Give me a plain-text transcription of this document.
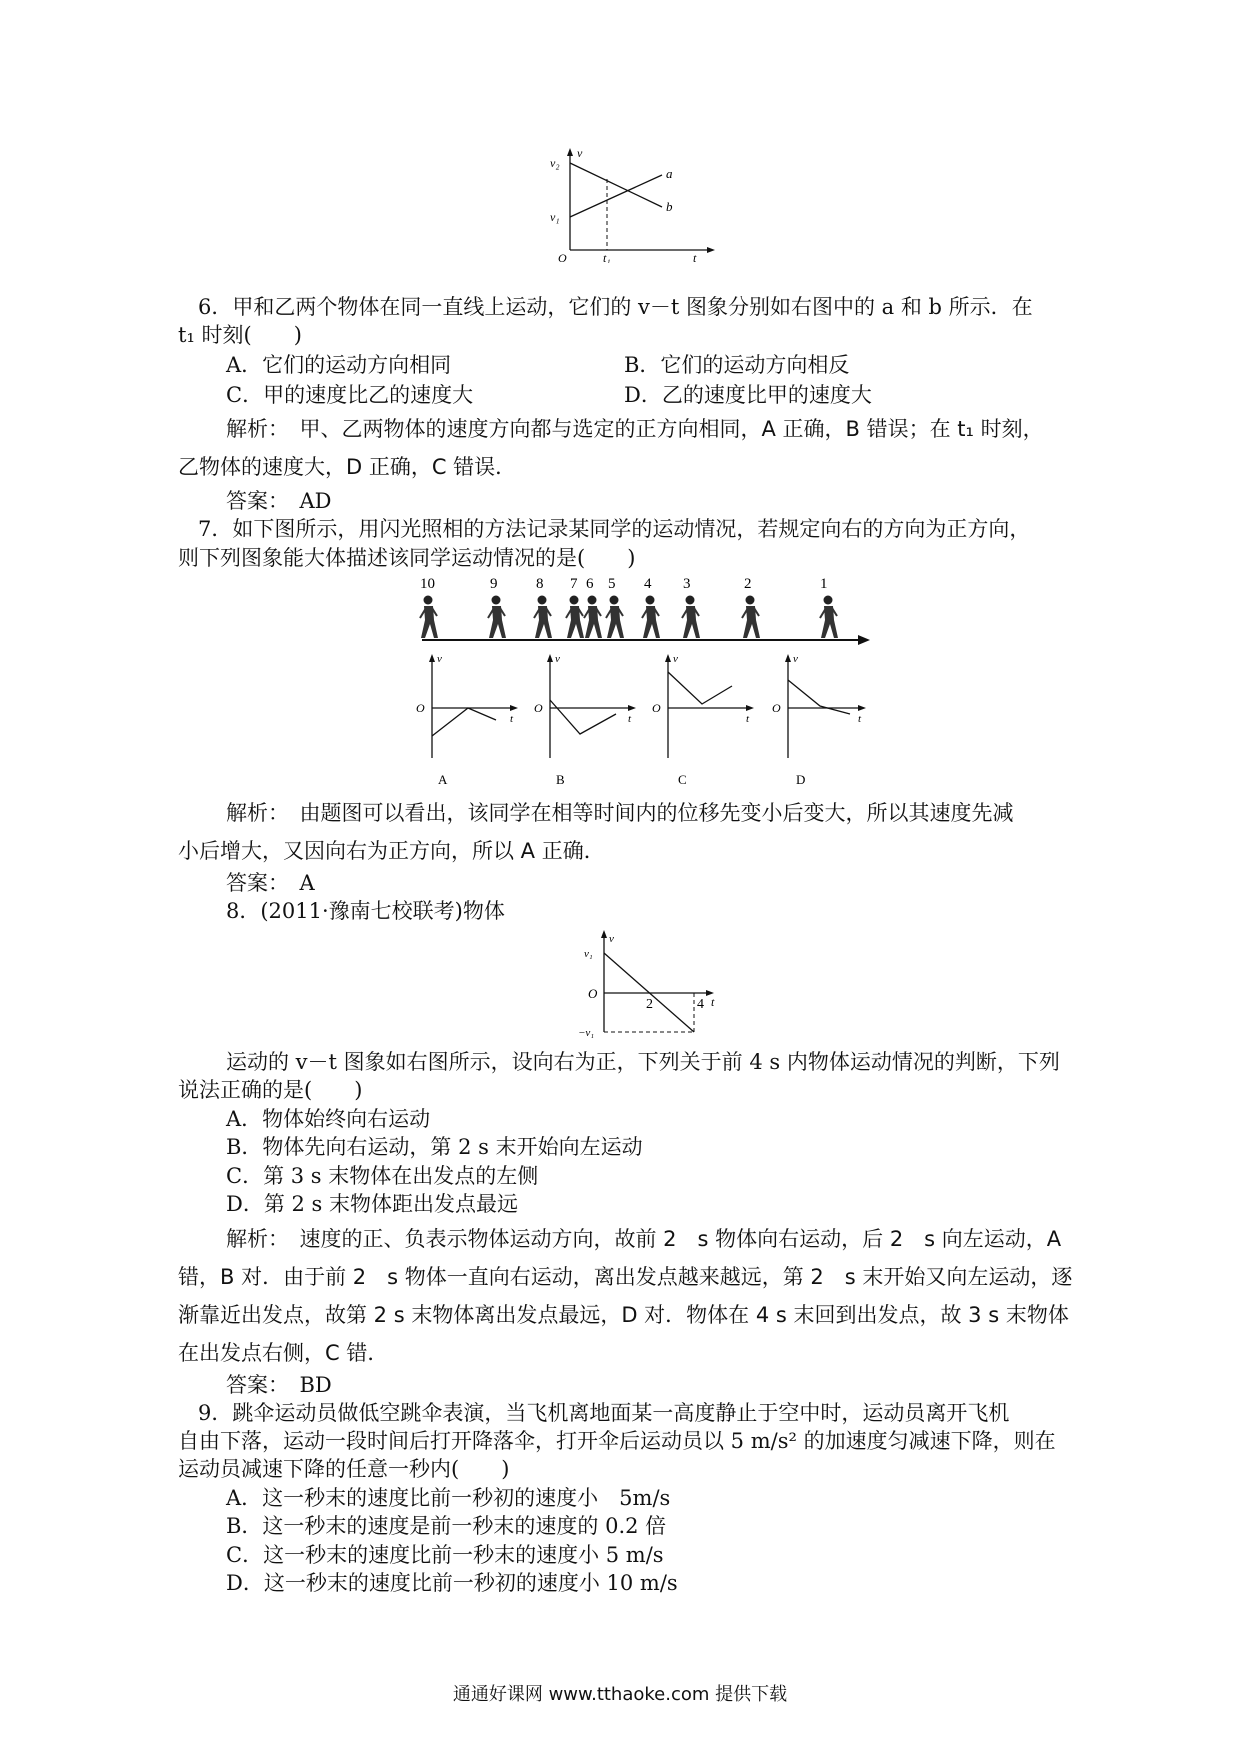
v
v₂
v₁
O	t₁	t
a
b
6．甲和乙两个物体在同一直线上运动，它们的 v－t 图象分别如右图中的 a 和 b 所示．在
t₁ 时刻(　　)
A．它们的运动方向相同	B．它们的运动方向相反
C．甲的速度比乙的速度大	D．乙的速度比甲的速度大
解析：　甲、乙两物体的速度方向都与选定的正方向相同，A 正确，B 错误；在 t₁ 时刻，
乙物体的速度大，D 正确，C 错误．
答案：　AD
7．如下图所示，用闪光照相的方法记录某同学的运动情况，若规定向右的方向为正方向，
则下列图象能大体描述该同学运动情况的是(　　)
10	9	8 7 6 5 4 3	2	1
v
O
t
A
v
O
t
B
v
O
t
C
v
O
t
D
解析：　由题图可以看出，该同学在相等时间内的位移先变小后变大，所以其速度先减
小后增大，又因向右为正方向，所以 A 正确．
答案：　A
8．(2011·豫南七校联考)物体
v
v₁
−v₁
O
2	4 t
运动的 v－t 图象如右图所示，设向右为正，下列关于前 4 s 内物体运动情况的判断，下列
说法正确的是(　　)
A．物体始终向右运动
B．物体先向右运动，第 2 s 末开始向左运动
C．第 3 s 末物体在出发点的左侧
D．第 2 s 末物体距出发点最远
解析：　速度的正、负表示物体运动方向，故前 2　s 物体向右运动，后 2　s 向左运动，A
错，B 对．由于前 2　s 物体一直向右运动，离出发点越来越远，第 2　s 末开始又向左运动，逐
渐靠近出发点，故第 2 s 末物体离出发点最远，D 对．物体在 4 s 末回到出发点，故 3 s 末物体
在出发点右侧，C 错．
答案：　BD
9．跳伞运动员做低空跳伞表演，当飞机离地面某一高度静止于空中时，运动员离开飞机
自由下落，运动一段时间后打开降落伞，打开伞后运动员以 5 m/s² 的加速度匀减速下降，则在
运动员减速下降的任意一秒内(　　)
A．这一秒末的速度比前一秒初的速度小　5m/s
B．这一秒末的速度是前一秒末的速度的 0.2 倍
C．这一秒末的速度比前一秒末的速度小 5 m/s
D．这一秒末的速度比前一秒初的速度小 10 m/s
通通好课网 www.tthaoke.com 提供下载
